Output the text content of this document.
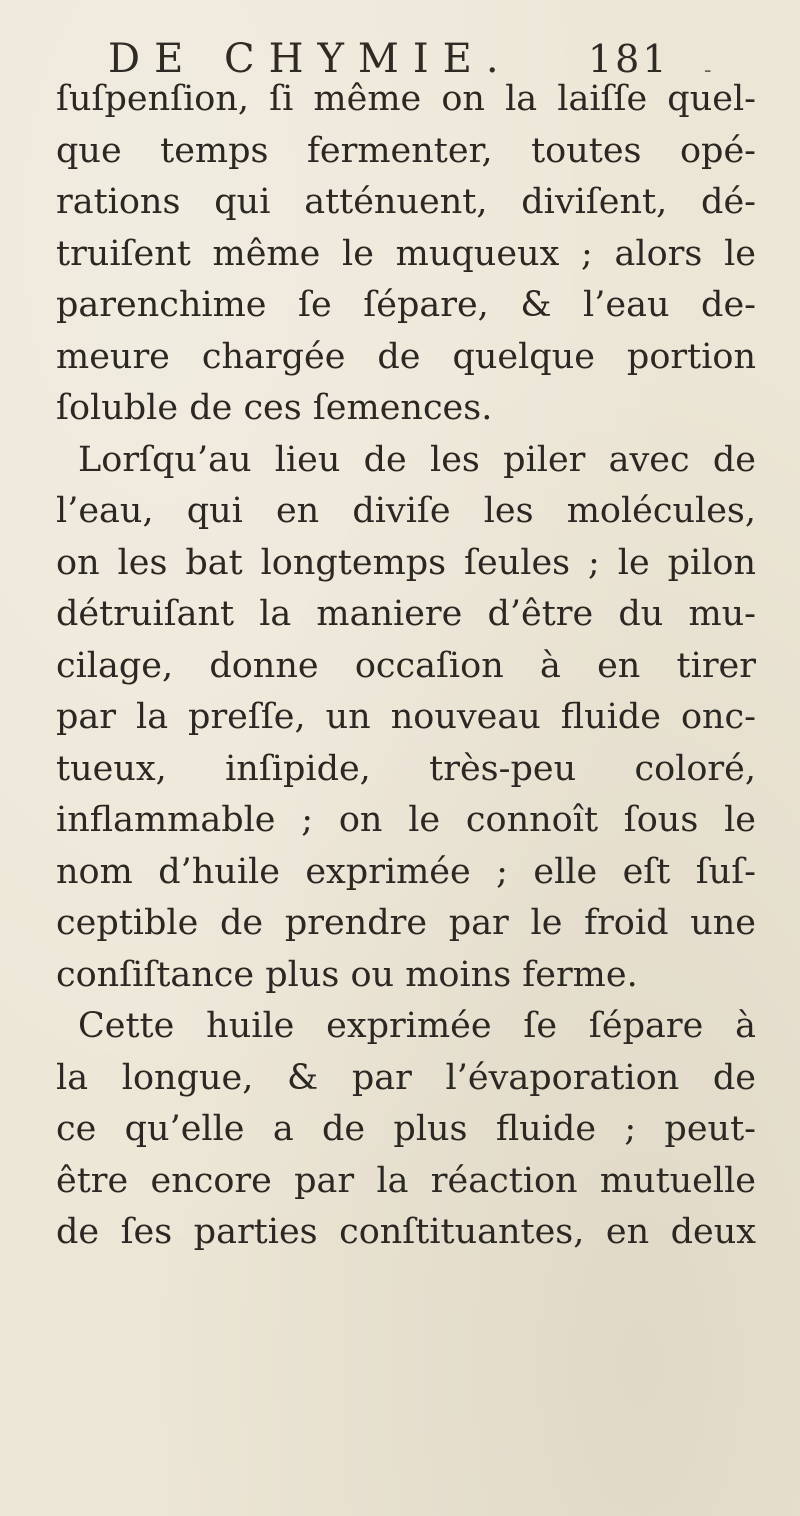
DE CHYMIE. 181 -
ſuſpenſion, ſi même on la laiſſe quel-
que temps fermenter, toutes opé-
rations qui atténuent, diviſent, dé-
truiſent même le muqueux ; alors le
parenchime ſe ſépare, & l’eau de-
meure chargée de quelque portion
ſoluble de ces ſemences.
Lorſqu’au lieu de les piler avec de
l’eau, qui en diviſe les molécules,
on les bat longtemps ſeules ; le pilon
détruiſant la maniere d’être du mu-
cilage, donne occaſion à en tirer
par la preſſe, un nouveau fluide onc-
tueux, inſipide, très-peu coloré,
inflammable ; on le connoît ſous le
nom d’huile exprimée ; elle eſt ſuſ-
ceptible de prendre par le froid une
conſiſtance plus ou moins ferme.
Cette huile exprimée ſe ſépare à
la longue, & par l’évaporation de
ce qu’elle a de plus fluide ; peut-
être encore par la réaction mutuelle
de ſes parties conſtituantes, en deux
